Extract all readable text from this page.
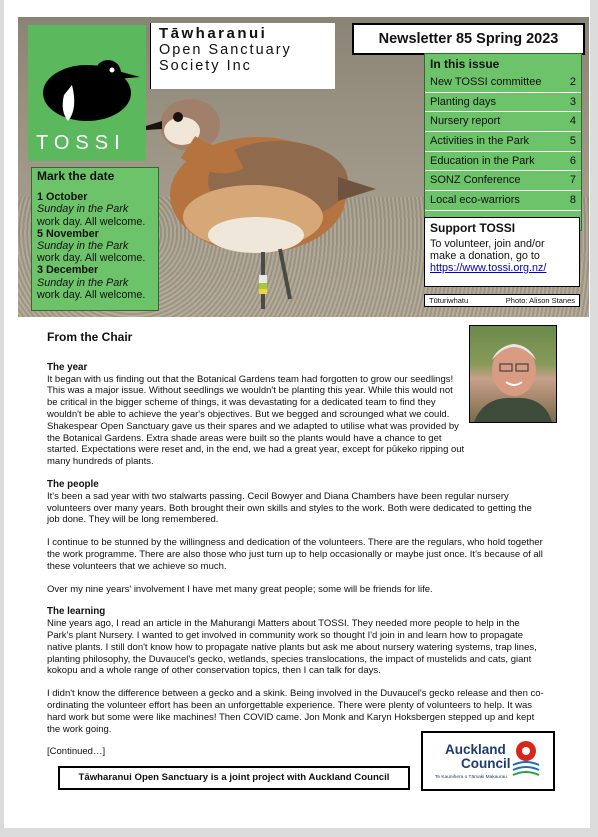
TOSSI
Tāwharanui
Open Sanctuary
Society Inc
Newsletter 85 Spring 2023
In this issue
New TOSSI committee	2
Planting days	3
Nursery report	4
Activities in the Park	5
Education in the Park	6
SONZ Conference	7
Local eco-warriors	8
Support TOSSI
To volunteer, join and/or make a donation, go to
https://www.tossi.org.nz/
Tūturiwhatu	Photo: Alison Stanes
Mark the date
1 October
Sunday in the Park
work day. All welcome.
5 November
Sunday in the Park
work day. All welcome.
3 December
Sunday in the Park
work day. All welcome.
From the Chair
The year

It began with us finding out that the Botanical Gardens team had forgotten to grow our seedlings! This was a major issue. Without seedlings we wouldn't be planting this year. While this would not be critical in the bigger scheme of things, it was devastating for a dedicated team to find they wouldn't be able to achieve the year's objectives. But we begged and scrounged what we could. Shakespear Open Sanctuary gave us their spares and we adapted to utilise what was provided by the Botanical Gardens. Extra shade areas were built so the plants would have a chance to get started. Expectations were reset and, in the end, we had a great year, except for pūkeko ripping out many hundreds of plants.

The people

It's been a sad year with two stalwarts passing. Cecil Bowyer and Diana Chambers have been regular nursery volunteers over many years. Both brought their own skills and styles to the work. Both were dedicated to getting the job done. They will be long remembered.

I continue to be stunned by the willingness and dedication of the volunteers. There are the regulars, who hold together the work programme. There are also those who just turn up to help occasionally or maybe just once. It's because of all these volunteers that we achieve so much.

Over my nine years' involvement I have met many great people; some will be friends for life.

The learning

Nine years ago, I read an article in the Mahurangi Matters about TOSSI. They needed more people to help in the Park's plant Nursery. I wanted to get involved in community work so thought I'd join in and learn how to propagate native plants. I still don't know how to propagate native plants but ask me about nursery watering systems, trap lines, planting philosophy, the Duvaucel's gecko, wetlands, species translocations, the impact of mustelids and cats, giant kokopu and a whole range of other conservation topics, then I can talk for days.

I didn't know the difference between a gecko and a skink. Being involved in the Duvaucel's gecko release and then co-ordinating the volunteer effort has been an unforgettable experience. There were plenty of volunteers to help. It was hard work but some were like machines! Then COVID came. Jon Monk and Karyn Hoksbergen stepped up and kept the work going.

[Continued…]

Tāwharanui Open Sanctuary is a joint project with Auckland Council
Auckland
Council
Te Kaunihera o Tāmaki Makaurau
